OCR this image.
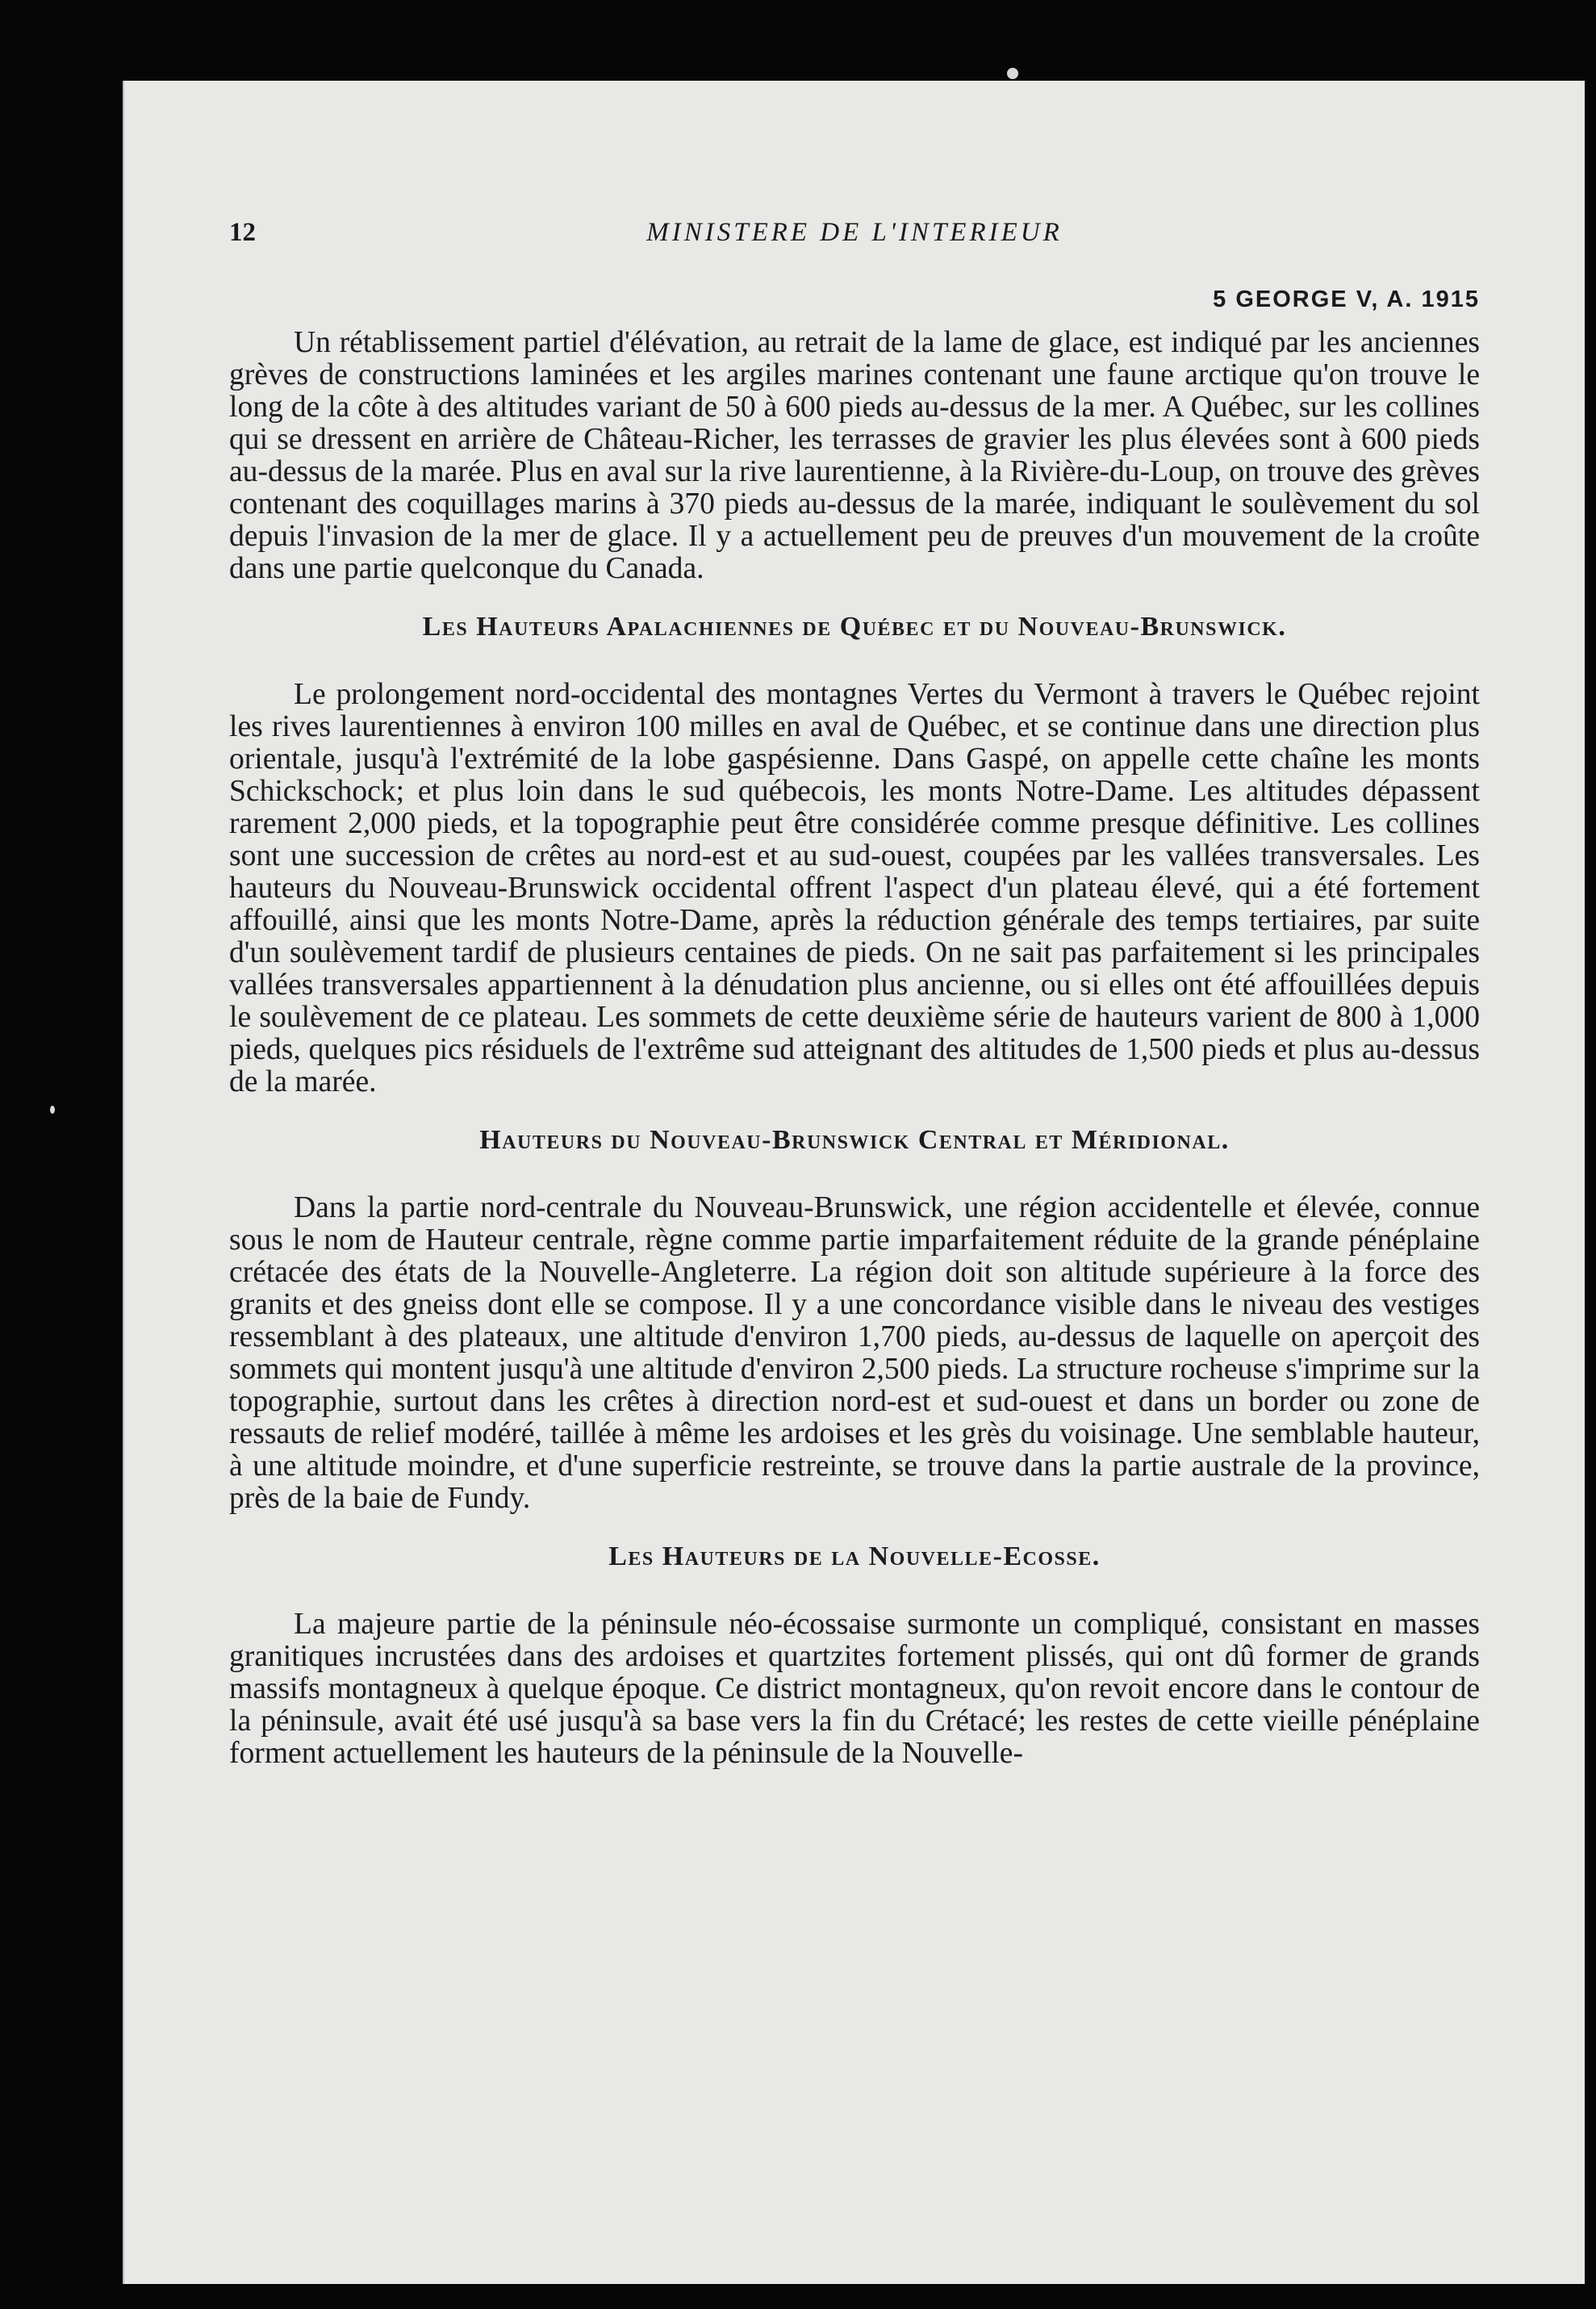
12	MINISTERE DE L'INTERIEUR
5 GEORGE V, A. 1915

Un rétablissement partiel d'élévation, au retrait de la lame de glace, est indiqué par les anciennes grèves de constructions laminées et les argiles marines contenant une faune arctique qu'on trouve le long de la côte à des altitudes variant de 50 à 600 pieds au-dessus de la mer. A Québec, sur les collines qui se dressent en arrière de Château-Richer, les terrasses de gravier les plus élevées sont à 600 pieds au-dessus de la marée. Plus en aval sur la rive laurentienne, à la Rivière-du-Loup, on trouve des grèves contenant des coquillages marins à 370 pieds au-dessus de la marée, indiquant le soulèvement du sol depuis l'invasion de la mer de glace. Il y a actuellement peu de preuves d'un mouvement de la croûte dans une partie quelconque du Canada.

Les Hauteurs Apalachiennes de Québec et du Nouveau-Brunswick.

Le prolongement nord-occidental des montagnes Vertes du Vermont à travers le Québec rejoint les rives laurentiennes à environ 100 milles en aval de Québec, et se continue dans une direction plus orientale, jusqu'à l'extrémité de la lobe gaspésienne. Dans Gaspé, on appelle cette chaîne les monts Schickschock; et plus loin dans le sud québecois, les monts Notre-Dame. Les altitudes dépassent rarement 2,000 pieds, et la topographie peut être considérée comme presque définitive. Les collines sont une succession de crêtes au nord-est et au sud-ouest, coupées par les vallées transversales. Les hauteurs du Nouveau-Brunswick occidental offrent l'aspect d'un plateau élevé, qui a été fortement affouillé, ainsi que les monts Notre-Dame, après la réduction générale des temps tertiaires, par suite d'un soulèvement tardif de plusieurs centaines de pieds. On ne sait pas parfaitement si les principales vallées transversales appartiennent à la dénudation plus ancienne, ou si elles ont été affouillées depuis le soulèvement de ce plateau. Les sommets de cette deuxième série de hauteurs varient de 800 à 1,000 pieds, quelques pics résiduels de l'extrême sud atteignant des altitudes de 1,500 pieds et plus au-dessus de la marée.

Hauteurs du Nouveau-Brunswick Central et Méridional.

Dans la partie nord-centrale du Nouveau-Brunswick, une région accidentelle et élevée, connue sous le nom de Hauteur centrale, règne comme partie imparfaitement réduite de la grande pénéplaine crétacée des états de la Nouvelle-Angleterre. La région doit son altitude supérieure à la force des granits et des gneiss dont elle se compose. Il y a une concordance visible dans le niveau des vestiges ressemblant à des plateaux, une altitude d'environ 1,700 pieds, au-dessus de laquelle on aperçoit des sommets qui montent jusqu'à une altitude d'environ 2,500 pieds. La structure rocheuse s'imprime sur la topographie, surtout dans les crêtes à direction nord-est et sud-ouest et dans un border ou zone de ressauts de relief modéré, taillée à même les ardoises et les grès du voisinage. Une semblable hauteur, à une altitude moindre, et d'une superficie restreinte, se trouve dans la partie australe de la province, près de la baie de Fundy.

Les Hauteurs de la Nouvelle-Ecosse.

La majeure partie de la péninsule néo-écossaise surmonte un compliqué, consistant en masses granitiques incrustées dans des ardoises et quartzites fortement plissés, qui ont dû former de grands massifs montagneux à quelque époque. Ce district montagneux, qu'on revoit encore dans le contour de la péninsule, avait été usé jusqu'à sa base vers la fin du Crétacé; les restes de cette vieille pénéplaine forment actuellement les hauteurs de la péninsule de la Nouvelle-
